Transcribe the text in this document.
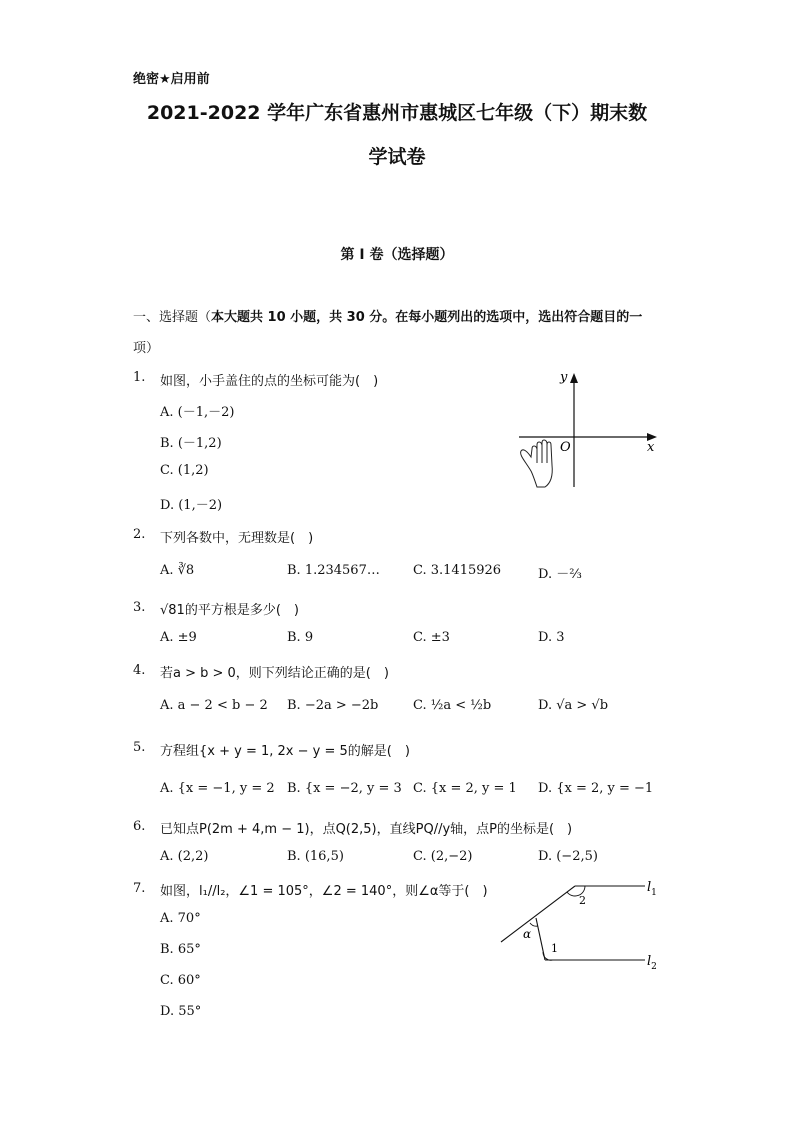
绝密★启用前
2021-2022 学年广东省惠州市惠城区七年级（下）期末数
学试卷
第 I 卷（选择题）
一、选择题（本大题共 10 小题，共 30 分。在每小题列出的选项中，选出符合题目的一
项）
1. 如图，小手盖住的点的坐标可能为(　)
A. (－1,－2)
B. (－1,2)
C. (1,2)
D. (1,－2)
y
x
O
2. 下列各数中，无理数是(　)
A. ∛8	B. 1.234567…	C. 3.1415926	D. －⅔
3. √81的平方根是多少(　)
A. ±9	B. 9	C. ±3	D. 3
4. 若a > b > 0，则下列结论正确的是(　)
A. a − 2 < b − 2 B. −2a > −2b	C. ½a < ½b	D. √a > √b
5. 方程组{x + y = 1, 2x − y = 5的解是(　)
A. {x = −1, y = 2 B. {x = −2, y = 3 C. {x = 2, y = 1 D. {x = 2, y = −1
6. 已知点P(2m + 4,m − 1)，点Q(2,5)，直线PQ//y轴，点P的坐标是(　)
A. (2,2)	B. (16,5)	C. (2,−2)	D. (−2,5)
7. 如图，l₁//l₂，∠1 = 105°，∠2 = 140°，则∠α等于(　)
A. 70°
B. 65°
C. 60°
D. 55°
$l_1$
$l_2$
2
1
α
